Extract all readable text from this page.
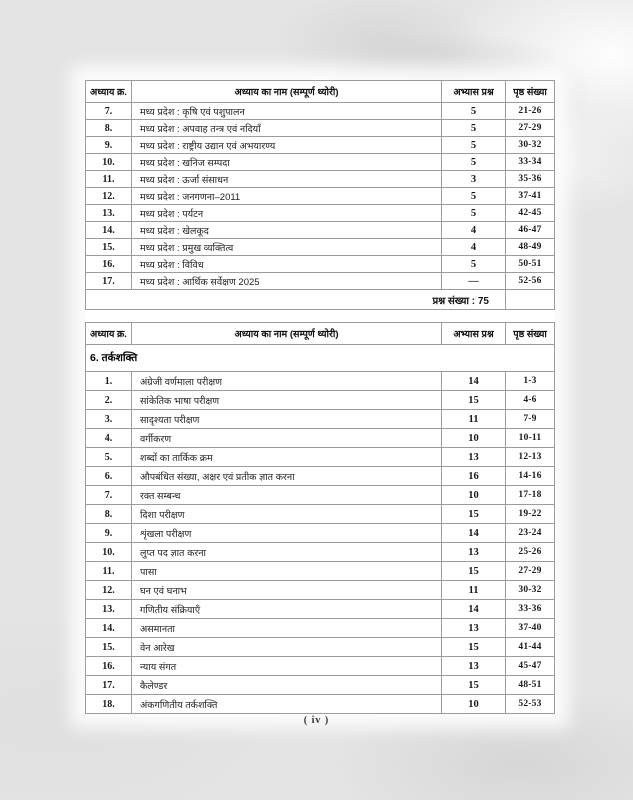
अध्याय क्र.	अध्याय का नाम (सम्पूर्ण थ्योरी)	अभ्यास प्रश्न	पृष्ठ संख्या
7.	मध्य प्रदेश : कृषि एवं पशुपालन	5	21-26
8.	मध्य प्रदेश : अपवाह तन्त्र एवं नदियाँ	5	27-29
9.	मध्य प्रदेश : राष्ट्रीय उद्यान एवं अभयारण्य	5	30-32
10.	मध्य प्रदेश : खनिज सम्पदा	5	33-34
11.	मध्य प्रदेश : ऊर्जा संसाधन	3	35-36
12.	मध्य प्रदेश : जनगणना–2011	5	37-41
13.	मध्य प्रदेश : पर्यटन	5	42-45
14.	मध्य प्रदेश : खेलकूद	4	46-47
15.	मध्य प्रदेश : प्रमुख व्यक्तित्व	4	48-49
16.	मध्य प्रदेश : विविध	5	50-51
17.	मध्य प्रदेश : आर्थिक सर्वेक्षण 2025	—	52-56
प्रश्न संख्या : 75			
अध्याय क्र.	अध्याय का नाम (सम्पूर्ण थ्योरी)	अभ्यास प्रश्न	पृष्ठ संख्या
6. तर्कशक्ति			
1.	अंग्रेजी वर्णमाला परीक्षण	14	1-3
2.	सांकेतिक भाषा परीक्षण	15	4-6
3.	सादृश्यता परीक्षण	11	7-9
4.	वर्गीकरण	10	10-11
5.	शब्दों का तार्किक क्रम	13	12-13
6.	औपबंधित संख्या, अक्षर एवं प्रतीक ज्ञात करना	16	14-16
7.	रक्त सम्बन्ध	10	17-18
8.	दिशा परीक्षण	15	19-22
9.	शृंखला परीक्षण	14	23-24
10.	लुप्त पद ज्ञात करना	13	25-26
11.	पासा	15	27-29
12.	घन एवं घनाभ	11	30-32
13.	गणितीय संक्रियाएँ	14	33-36
14.	असमानता	13	37-40
15.	वेन आरेख	15	41-44
16.	न्याय संगत	13	45-47
17.	कैलेण्डर	15	48-51
18.	अंकगणितीय तर्कशक्ति	10	52-53
( iv )
